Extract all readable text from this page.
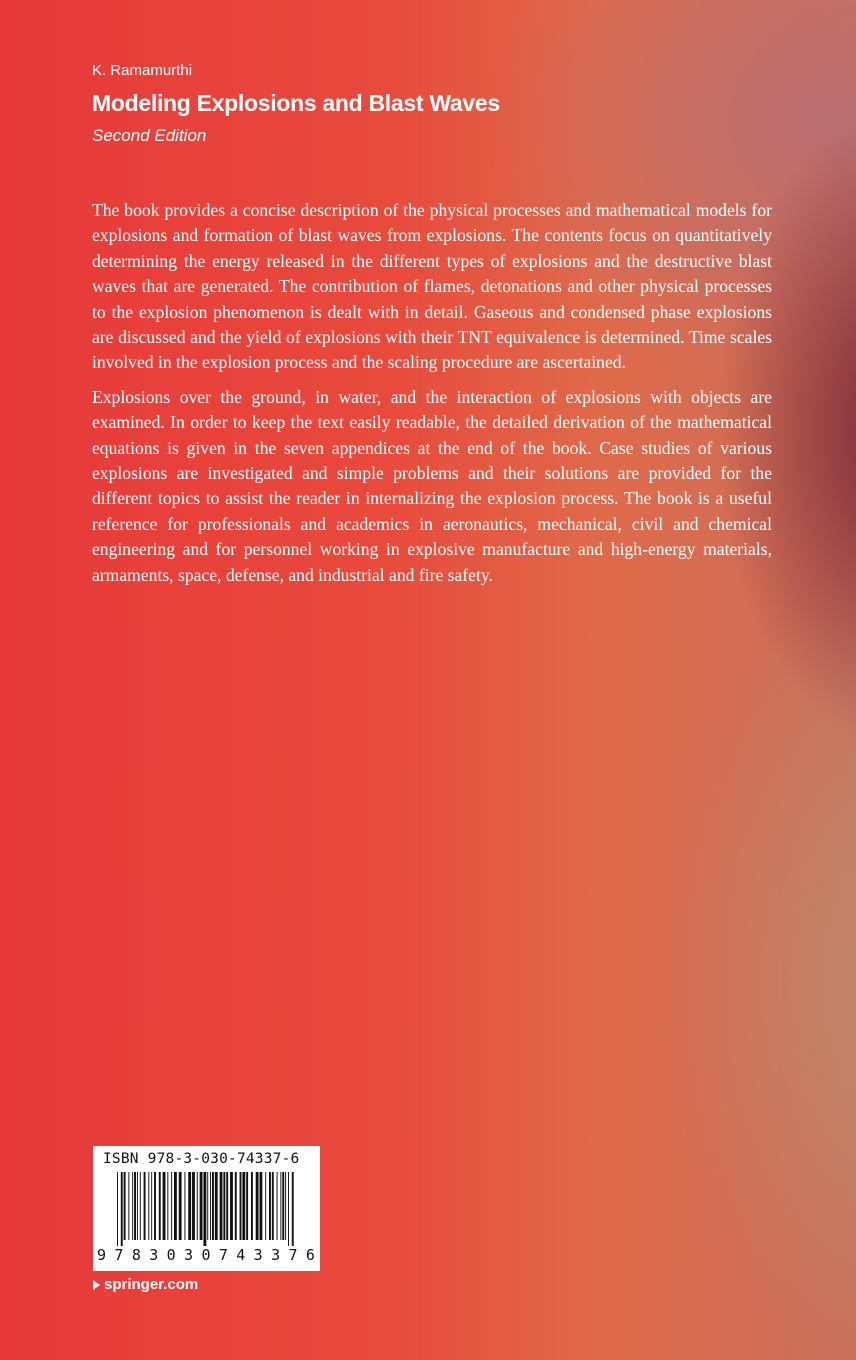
K. Ramamurthi
Modeling Explosions and Blast Waves
Second Edition

The book provides a concise description of the physical processes and mathematical models for explosions and formation of blast waves from explosions. The contents focus on quantitatively determining the energy released in the different types of explosions and the destructive blast waves that are generated. The contribution of flames, detonations and other physical processes to the explosion phenomenon is dealt with in detail. Gaseous and condensed phase explosions are discussed and the yield of explosions with their TNT equivalence is determined. Time scales involved in the explosion process and the scaling procedure are ascertained.

Explosions over the ground, in water, and the interaction of explosions with objects are examined. In order to keep the text easily readable, the detailed derivation of the mathematical equations is given in the seven appendices at the end of the book. Case studies of various explosions are investigated and simple problems and their solutions are provided for the different topics to assist the reader in internalizing the explosion process. The book is a useful reference for professionals and academics in aeronautics, mechanical, civil and chemical engineering and for personnel working in explosive manufacture and high-energy materials, armaments, space, defense, and industrial and fire safety.

ISBN 978-3-030-74337-6
9 7 8 3 0 3 0 7 4 3 3 7 6
springer.com
